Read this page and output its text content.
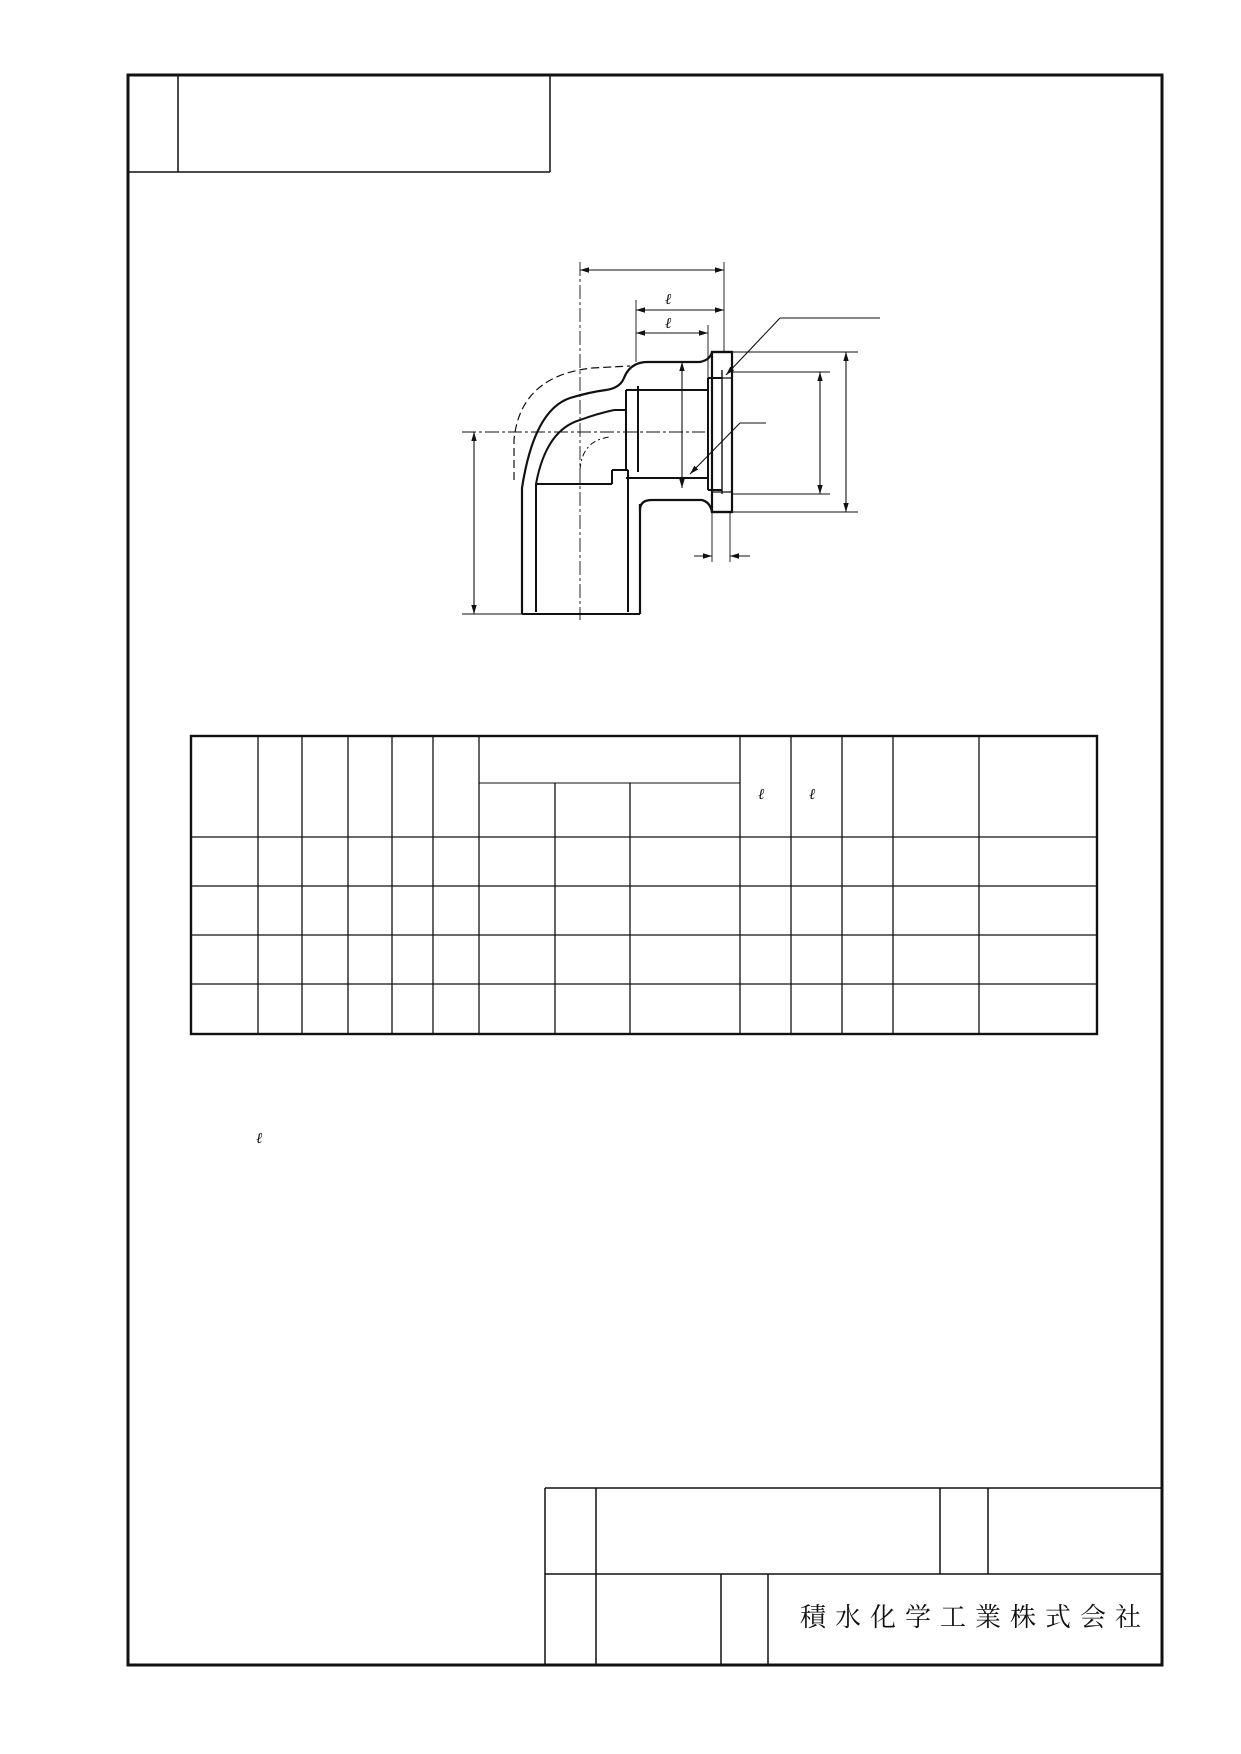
ℓ
ℓ
ℓ	ℓ
ℓ
積水化学工業株式会社
